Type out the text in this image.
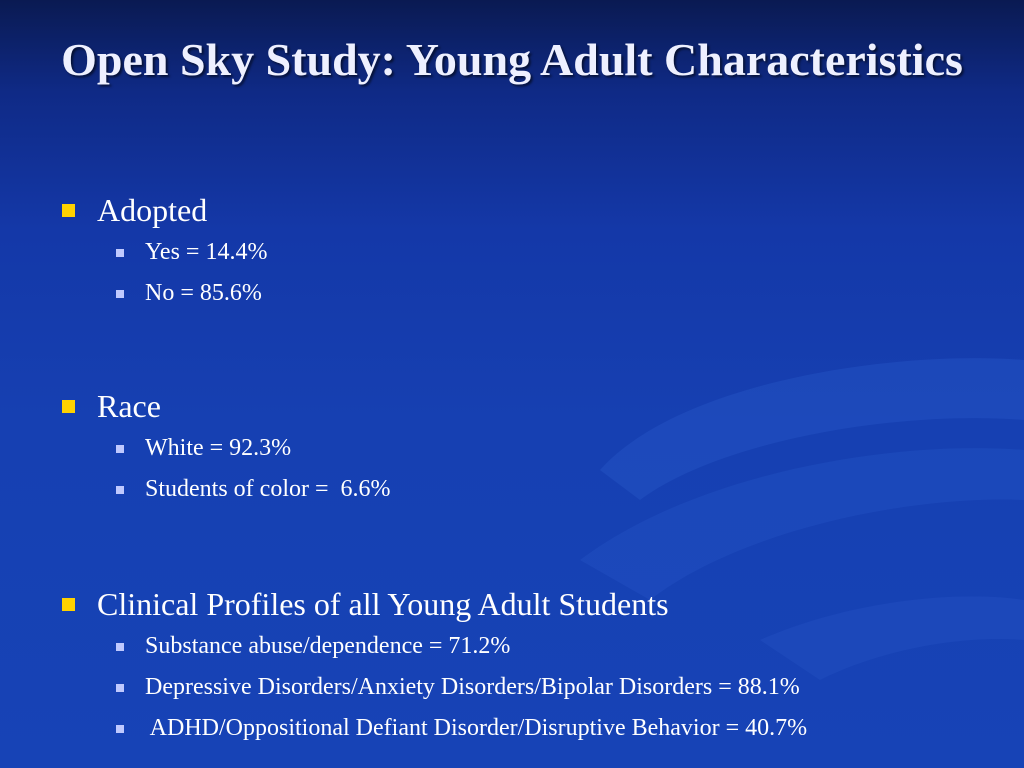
Open Sky Study: Young Adult Characteristics
Adopted
Yes = 14.4%
No = 85.6%
Race
White = 92.3%
Students of color =  6.6%
Clinical Profiles of all Young Adult Students
Substance abuse/dependence = 71.2%
Depressive Disorders/Anxiety Disorders/Bipolar Disorders = 88.1%
ADHD/Oppositional Defiant Disorder/Disruptive Behavior = 40.7%
